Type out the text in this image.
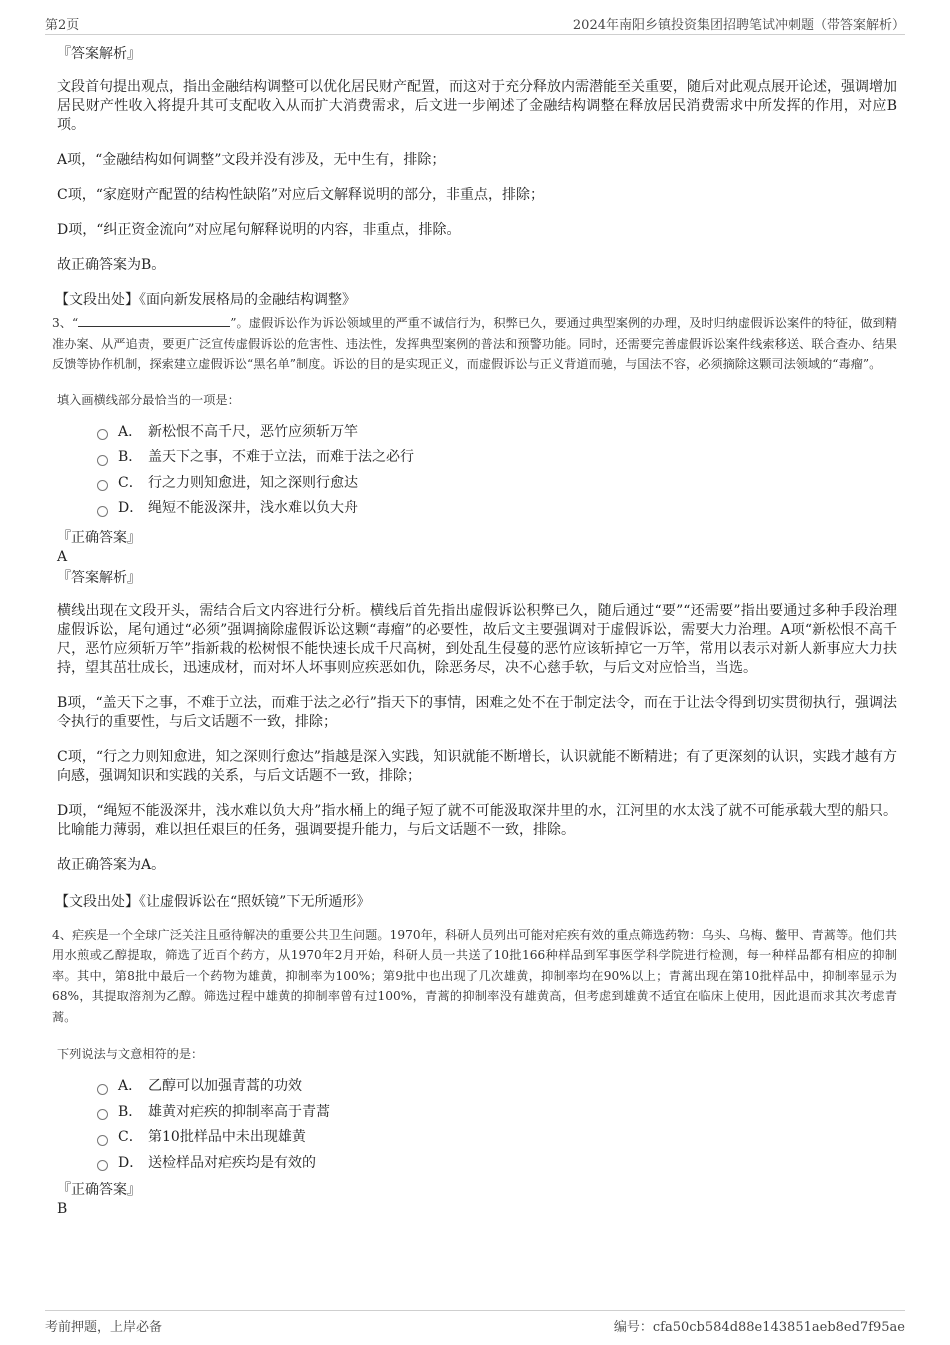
第2页	2024年南阳乡镇投资集团招聘笔试冲刺题（带答案解析）

『答案解析』

文段首句提出观点，指出金融结构调整可以优化居民财产配置，而这对于充分释放内需潜能至关重要，随后对此观点展开论述，强调增加居民财产性收入将提升其可支配收入从而扩大消费需求，后文进一步阐述了金融结构调整在释放居民消费需求中所发挥的作用，对应B项。

A项，“金融结构如何调整”文段并没有涉及，无中生有，排除；

C项，“家庭财产配置的结构性缺陷”对应后文解释说明的部分，非重点，排除；

D项，“纠正资金流向”对应尾句解释说明的内容，非重点，排除。

故正确答案为B。

【文段出处】《面向新发展格局的金融结构调整》

3、“	”。虚假诉讼作为诉讼领域里的严重不诚信行为，积弊已久，要通过典型案例的办理，及时归纳虚假诉讼案件的特征，做到精准办案、从严追责，要更广泛宣传虚假诉讼的危害性、违法性，发挥典型案例的普法和预警功能。同时，还需要完善虚假诉讼案件线索移送、联合查办、结果反馈等协作机制，探索建立虚假诉讼“黑名单”制度。诉讼的目的是实现正义，而虚假诉讼与正义背道而驰，与国法不容，必须摘除这颗司法领域的“毒瘤”。

填入画横线部分最恰当的一项是：

A． 新松恨不高千尺，恶竹应须斩万竿
B． 盖天下之事，不难于立法，而难于法之必行
C． 行之力则知愈进，知之深则行愈达
D． 绳短不能汲深井，浅水难以负大舟

『正确答案』

A

『答案解析』

横线出现在文段开头，需结合后文内容进行分析。横线后首先指出虚假诉讼积弊已久，随后通过“要”“还需要”指出要通过多种手段治理虚假诉讼，尾句通过“必须”强调摘除虚假诉讼这颗“毒瘤”的必要性，故后文主要强调对于虚假诉讼，需要大力治理。A项“新松恨不高千尺，恶竹应须斩万竿”指新栽的松树恨不能快速长成千尺高树，到处乱生侵蔓的恶竹应该斩掉它一万竿，常用以表示对新人新事应大力扶持，望其茁壮成长，迅速成材，而对坏人坏事则应疾恶如仇，除恶务尽，决不心慈手软，与后文对应恰当，当选。

B项，“盖天下之事，不难于立法，而难于法之必行”指天下的事情，困难之处不在于制定法令，而在于让法令得到切实贯彻执行，强调法令执行的重要性，与后文话题不一致，排除；

C项，“行之力则知愈进，知之深则行愈达”指越是深入实践，知识就能不断增长，认识就能不断精进；有了更深刻的认识，实践才越有方向感，强调知识和实践的关系，与后文话题不一致，排除；

D项，“绳短不能汲深井，浅水难以负大舟”指水桶上的绳子短了就不可能汲取深井里的水，江河里的水太浅了就不可能承载大型的船只。比喻能力薄弱，难以担任艰巨的任务，强调要提升能力，与后文话题不一致，排除。

故正确答案为A。

【文段出处】《让虚假诉讼在“照妖镜”下无所遁形》

4、疟疾是一个全球广泛关注且亟待解决的重要公共卫生问题。1970年，科研人员列出可能对疟疾有效的重点筛选药物：乌头、乌梅、鳖甲、青蒿等。他们共用水煎或乙醇提取，筛选了近百个药方，从1970年2月开始，科研人员一共送了10批166种样品到军事医学科学院进行检测，每一种样品都有相应的抑制率。其中，第8批中最后一个药物为雄黄，抑制率为100%；第9批中也出现了几次雄黄，抑制率均在90%以上；青蒿出现在第10批样品中，抑制率显示为68%，其提取溶剂为乙醇。筛选过程中雄黄的抑制率曾有过100%，青蒿的抑制率没有雄黄高，但考虑到雄黄不适宜在临床上使用，因此退而求其次考虑青蒿。

下列说法与文意相符的是：

A． 乙醇可以加强青蒿的功效
B． 雄黄对疟疾的抑制率高于青蒿
C． 第10批样品中未出现雄黄
D． 送检样品对疟疾均是有效的

『正确答案』

B

考前押题，上岸必备	编号：cfa50cb584d88e143851aeb8ed7f95ae
